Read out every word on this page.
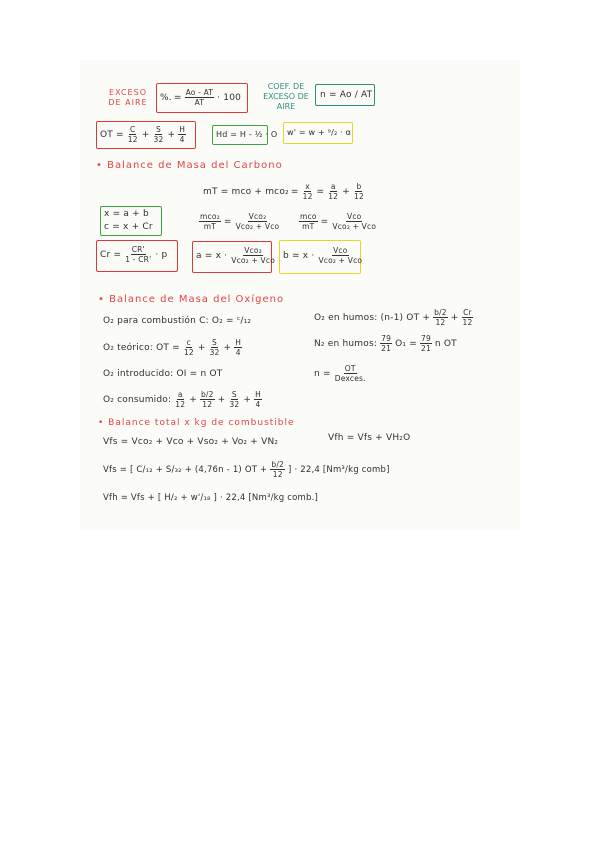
EXCESO DE AIRE	%. = $\frac{Ao - AT}{AT} \cdot 100$
COEF. DE EXCESO DE AIRE
n = Ao / AT
OT = $\frac{C}{12} + \frac{S}{32} + \frac{H}{4}$	Hd = H - ½ · O w' = w + ⁹/₂ · α
• Balance de Masa del Carbono
mT = mco + $mco_2 = \frac{x}{12} = \frac{a}{12} + \frac{b}{12}$
x = a + b
c = x + Cr	$\frac{\text{mco₂}}{mT} = \frac{\text{Vco₂}}{\text{Vco₂ + Vco}} \frac{\text{mco}}{mT} = \frac{\text{Vco}}{\text{Vco₂ + Vco}}$
$Cr = \frac{CR'}{1 - CR'} \cdot p$	$a = x \cdot \frac{\text{Vco₂}}{\text{Vco₂ + Vco}}$ $b = x \cdot \frac{\text{Vco}}{\text{Vco₂ + Vco}}$
• Balance de Masa del Oxígeno
O₂ para combustión C: O₂ = ᶜ/₁₂	O₂ en humos: (n-1) OT + $\frac{b/2}{12} + \frac{Cr}{12}$
O₂ teórico: OT = $\frac{c}{12} + \frac{S}{32} + \frac{H}{4}$	N₂ en humos: $\frac{79}{21} O_1 = \frac{79}{21}$ n OT
O₂ introducido: OI = n OT	$n = \frac{OT}{\text{Dexces.}}$
O₂ consumido: $\frac{a}{12} + \frac{b/2}{12} + \frac{S}{32} + \frac{H}{4}$
• Balance total x kg de combustible
Vfs = Vco₂ + Vco + Vso₂ + Vo₂ + VN₂	Vfh = Vfs + VH₂O
Vfs = [ C/₁₂ + S/₃₂ + (4,76n - 1) OT + $\frac{b/2}{12}$ ] · 22,4 [Nm³/kg comb]
Vfh = Vfs + [ H/₂ + w'/₁₈ ] · 22,4 [Nm³/kg comb.]
